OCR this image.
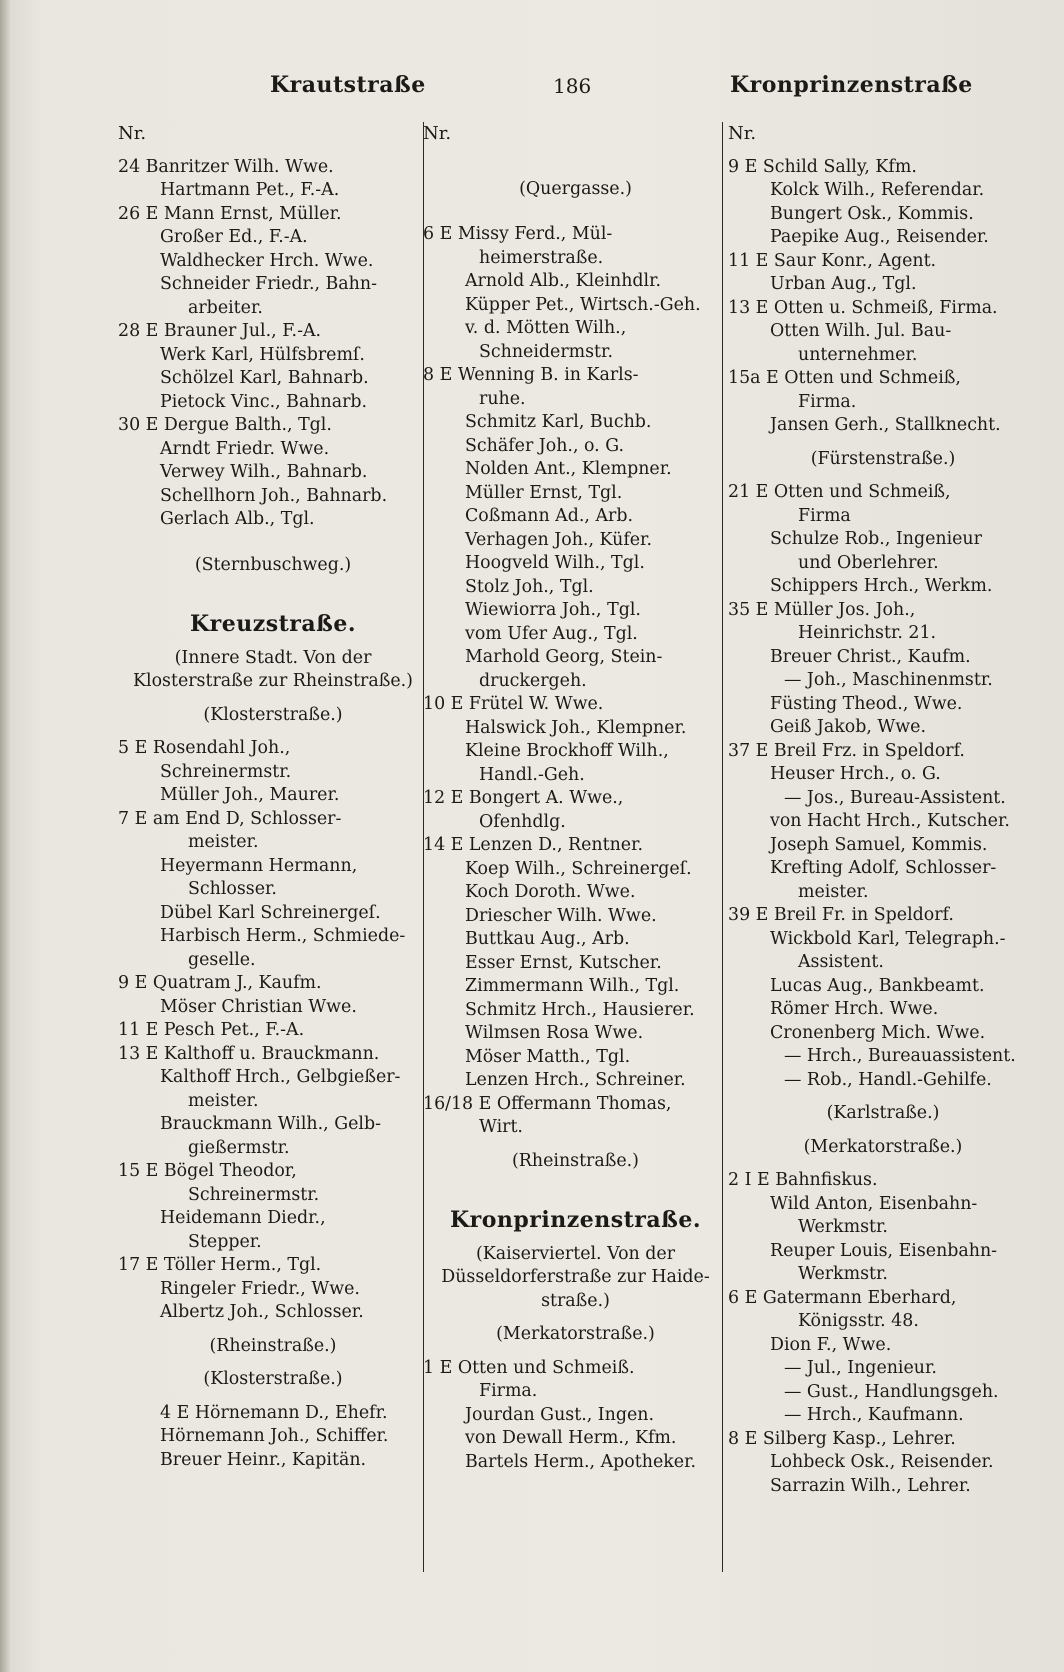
Krautstraße	186	Kronprinzenstraße
Nr.
24 Banritzer Wilh. Wwe.
Hartmann Pet., F.-A.
26 E Mann Ernst, Müller.
Großer Ed., F.-A.
Waldhecker Hrch. Wwe.
Schneider Friedr., Bahn-
arbeiter.
28 E Brauner Jul., F.-A.
Werk Karl, Hülfsbremſ.
Schölzel Karl, Bahnarb.
Pietock Vinc., Bahnarb.
30 E Dergue Balth., Tgl.
Arndt Friedr. Wwe.
Verwey Wilh., Bahnarb.
Schellhorn Joh., Bahnarb.
Gerlach Alb., Tgl.
(Sternbuschweg.)
Kreuzstraße.
(Innere Stadt. Von der
Klosterstraße zur Rheinstraße.)
(Klosterstraße.)
5 E Rosendahl Joh.,
Schreinermstr.
Müller Joh., Maurer.
7 E am End D, Schlosser-
meister.
Heyermann Hermann,
Schlosser.
Dübel Karl Schreinergeſ.
Harbisch Herm., Schmiede-
geselle.
9 E Quatram J., Kaufm.
Möser Christian Wwe.
11 E Pesch Pet., F.-A.
13 E Kalthoff u. Brauckmann.
Kalthoff Hrch., Gelbgießer-
meister.
Brauckmann Wilh., Gelb-
gießermstr.
15 E Bögel Theodor,
Schreinermstr.
Heidemann Diedr.,
Stepper.
17 E Töller Herm., Tgl.
Ringeler Friedr., Wwe.
Albertz Joh., Schlosser.
(Rheinstraße.)
(Klosterstraße.)
4 E Hörnemann D., Ehefr.
Hörnemann Joh., Schiffer.
Breuer Heinr., Kapitän.
Nr.
(Quergasse.)
6 E Missy Ferd., Mül-
heimerstraße.
Arnold Alb., Kleinhdlr.
Küpper Pet., Wirtsch.-Geh.
v. d. Mötten Wilh.,
Schneidermstr.
8 E Wenning B. in Karls-
ruhe.
Schmitz Karl, Buchb.
Schäfer Joh., o. G.
Nolden Ant., Klempner.
Müller Ernst, Tgl.
Coßmann Ad., Arb.
Verhagen Joh., Küfer.
Hoogveld Wilh., Tgl.
Stolz Joh., Tgl.
Wiewiorra Joh., Tgl.
vom Ufer Aug., Tgl.
Marhold Georg, Stein-
druckergeh.
10 E Frütel W. Wwe.
Halswick Joh., Klempner.
Kleine Brockhoff Wilh.,
Handl.-Geh.
12 E Bongert A. Wwe.,
Ofenhdlg.
14 E Lenzen D., Rentner.
Koep Wilh., Schreinergeſ.
Koch Doroth. Wwe.
Driescher Wilh. Wwe.
Buttkau Aug., Arb.
Esser Ernst, Kutscher.
Zimmermann Wilh., Tgl.
Schmitz Hrch., Hausierer.
Wilmsen Rosa Wwe.
Möser Matth., Tgl.
Lenzen Hrch., Schreiner.
16/18 E Offermann Thomas,
Wirt.
(Rheinstraße.)
Kronprinzenstraße.
(Kaiserviertel. Von der
Düsseldorferstraße zur Haide-
straße.)
(Merkatorstraße.)
1 E Otten und Schmeiß.
Firma.
Jourdan Gust., Ingen.
von Dewall Herm., Kfm.
Bartels Herm., Apotheker.
Nr.
9 E Schild Sally, Kfm.
Kolck Wilh., Referendar.
Bungert Osk., Kommis.
Paepike Aug., Reisender.
11 E Saur Konr., Agent.
Urban Aug., Tgl.
13 E Otten u. Schmeiß, Firma.
Otten Wilh. Jul. Bau-
unternehmer.
15a E Otten und Schmeiß,
Firma.
Jansen Gerh., Stallknecht.
(Fürstenstraße.)
21 E Otten und Schmeiß,
Firma
Schulze Rob., Ingenieur
und Oberlehrer.
Schippers Hrch., Werkm.
35 E Müller Jos. Joh.,
Heinrichstr. 21.
Breuer Christ., Kaufm.
— Joh., Maschinenmstr.
Füsting Theod., Wwe.
Geiß Jakob, Wwe.
37 E Breil Frz. in Speldorf.
Heuser Hrch., o. G.
— Jos., Bureau-Assistent.
von Hacht Hrch., Kutscher.
Joseph Samuel, Kommis.
Krefting Adolf, Schlosser-
meister.
39 E Breil Fr. in Speldorf.
Wickbold Karl, Telegraph.-
Assistent.
Lucas Aug., Bankbeamt.
Römer Hrch. Wwe.
Cronenberg Mich. Wwe.
— Hrch., Bureauassistent.
— Rob., Handl.-Gehilfe.
(Karlstraße.)
(Merkatorstraße.)
2 I E Bahnfiskus.
Wild Anton, Eisenbahn-
Werkmstr.
Reuper Louis, Eisenbahn-
Werkmstr.
6 E Gatermann Eberhard,
Königsstr. 48.
Dion F., Wwe.
— Jul., Ingenieur.
— Gust., Handlungsgeh.
— Hrch., Kaufmann.
8 E Silberg Kasp., Lehrer.
Lohbeck Osk., Reisender.
Sarrazin Wilh., Lehrer.
